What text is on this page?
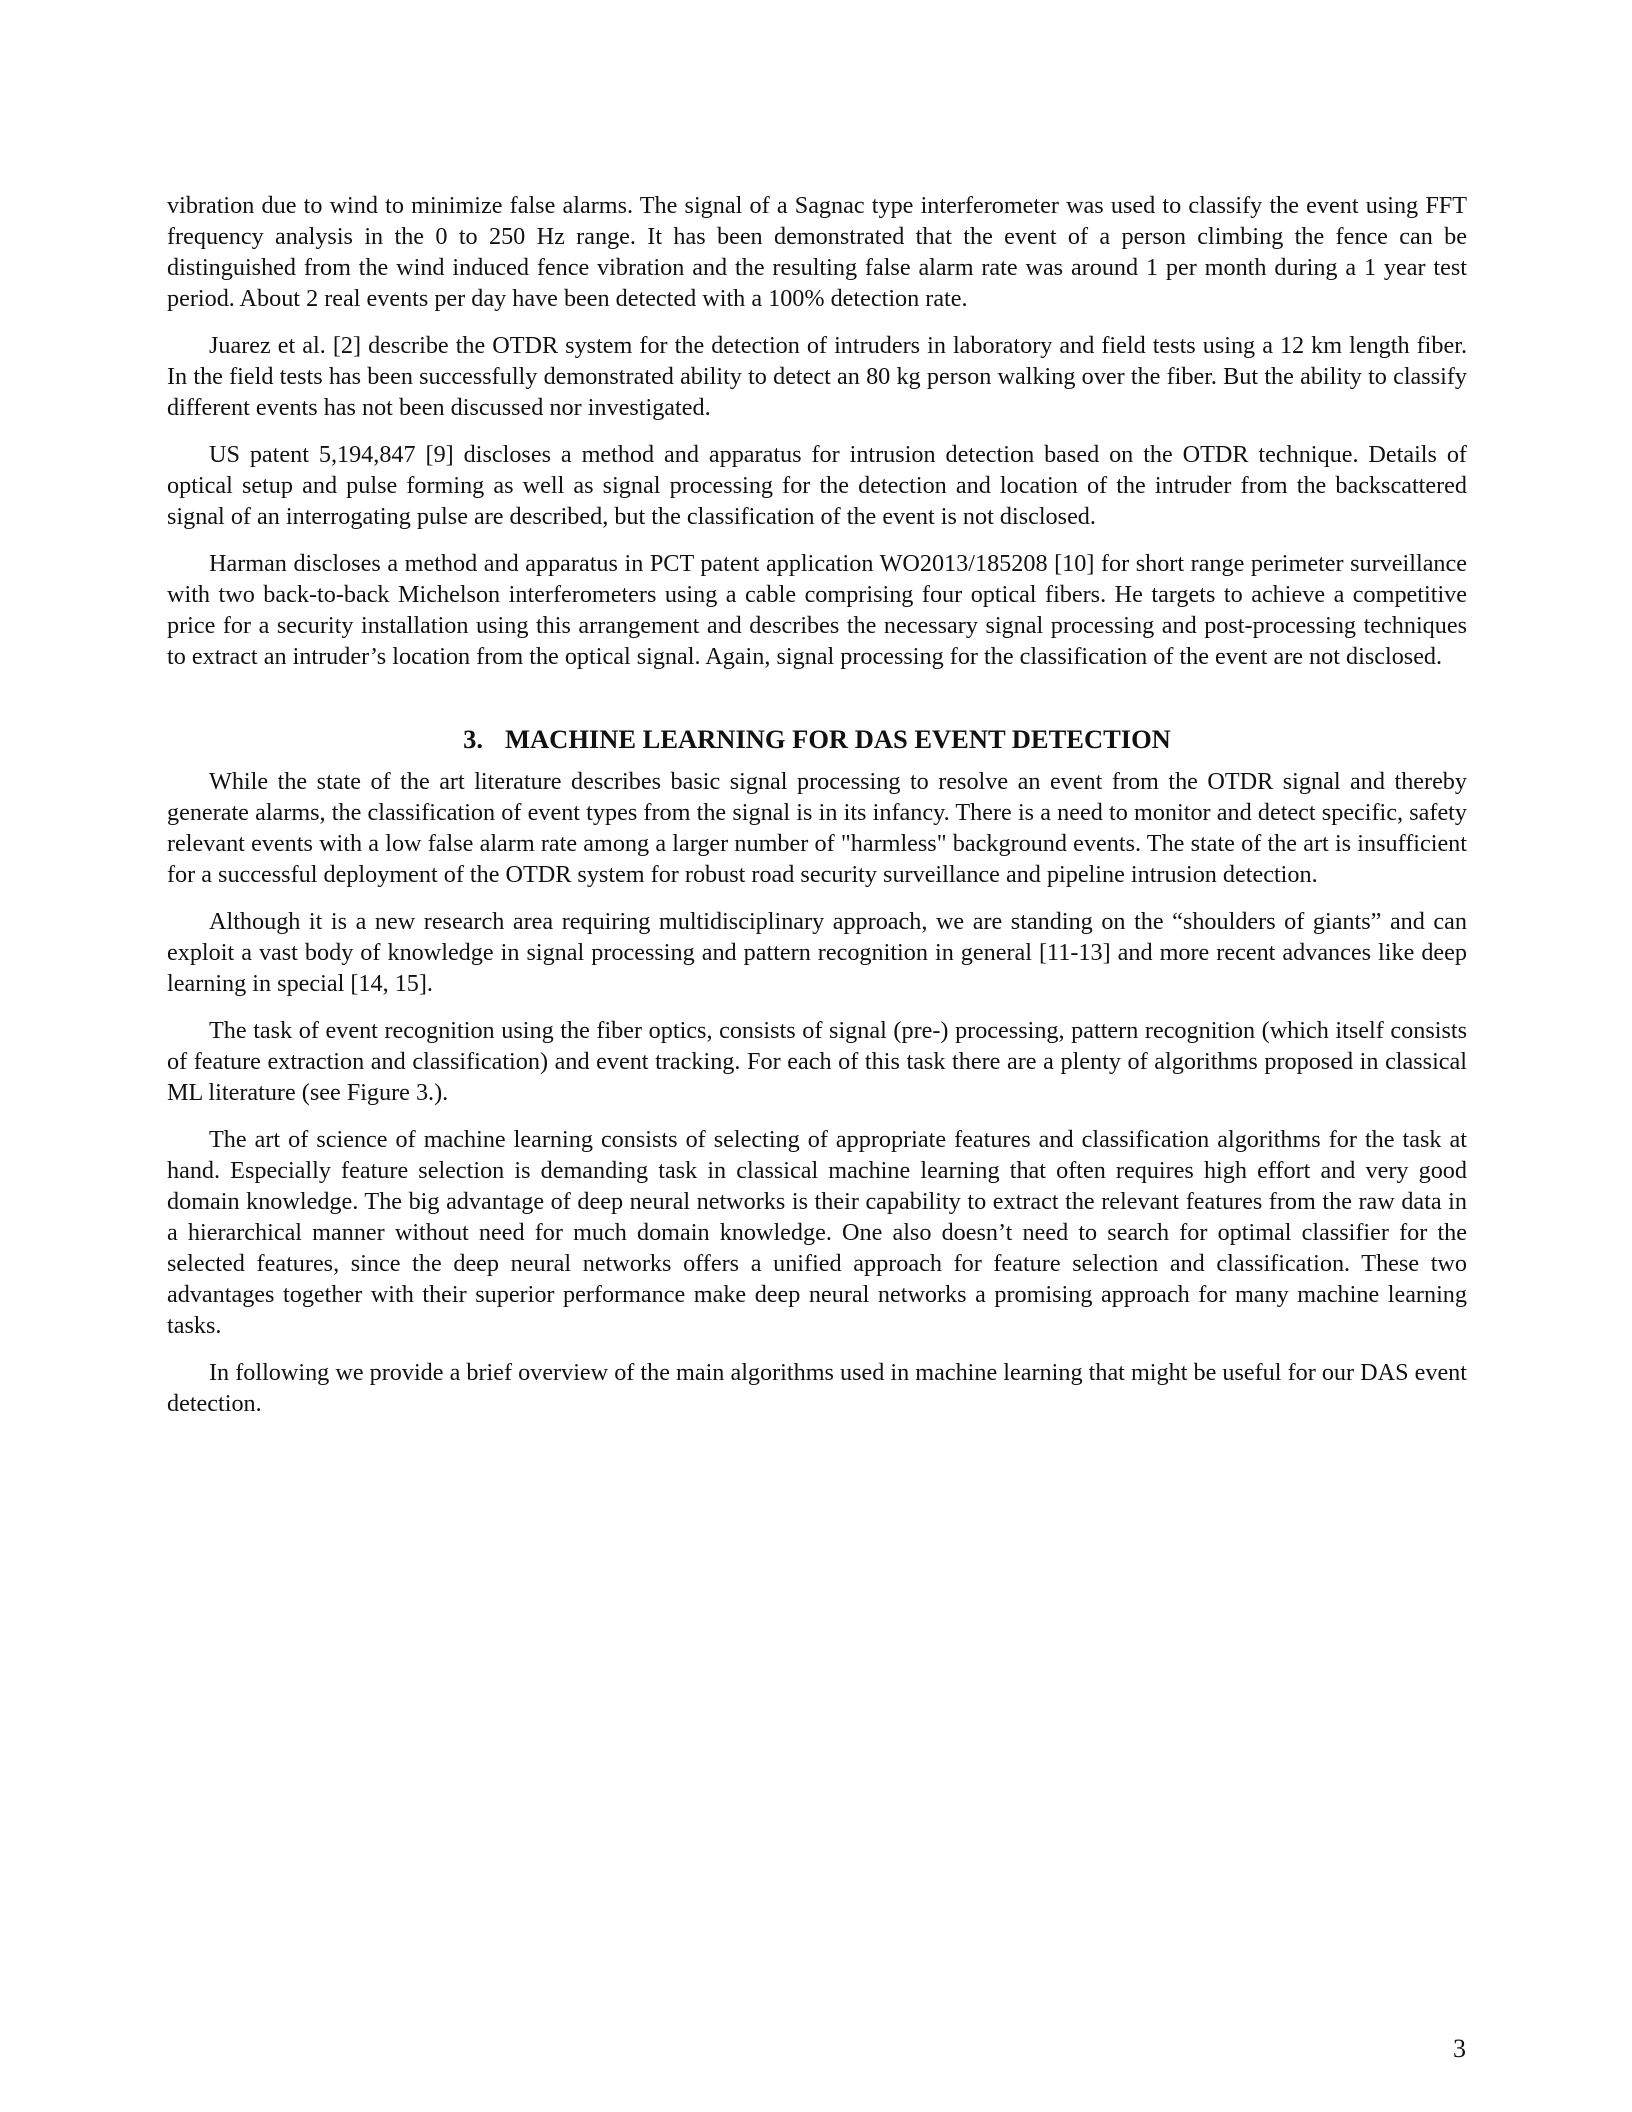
vibration due to wind to minimize false alarms. The signal of a Sagnac type interferometer was used to classify the event using FFT frequency analysis in the 0 to 250 Hz range. It has been demonstrated that the event of a person climbing the fence can be distinguished from the wind induced fence vibration and the resulting false alarm rate was around 1 per month during a 1 year test period. About 2 real events per day have been detected with a 100% detection rate.

Juarez et al. [2] describe the OTDR system for the detection of intruders in laboratory and field tests using a 12 km length fiber. In the field tests has been successfully demonstrated ability to detect an 80 kg person walking over the fiber. But the ability to classify different events has not been discussed nor investigated.

US patent 5,194,847 [9] discloses a method and apparatus for intrusion detection based on the OTDR technique. Details of optical setup and pulse forming as well as signal processing for the detection and location of the intruder from the backscattered signal of an interrogating pulse are described, but the classification of the event is not disclosed.

Harman discloses a method and apparatus in PCT patent application WO2013/185208 [10] for short range perimeter surveillance with two back-to-back Michelson interferometers using a cable comprising four optical fibers. He targets to achieve a competitive price for a security installation using this arrangement and describes the necessary signal processing and post-processing techniques to extract an intruder’s location from the optical signal. Again, signal processing for the classification of the event are not disclosed.

3. MACHINE LEARNING FOR DAS EVENT DETECTION

While the state of the art literature describes basic signal processing to resolve an event from the OTDR signal and thereby generate alarms, the classification of event types from the signal is in its infancy. There is a need to monitor and detect specific, safety relevant events with a low false alarm rate among a larger number of "harmless" background events. The state of the art is insufficient for a successful deployment of the OTDR system for robust road security surveillance and pipeline intrusion detection.

Although it is a new research area requiring multidisciplinary approach, we are standing on the “shoulders of giants” and can exploit a vast body of knowledge in signal processing and pattern recognition in general [11-13] and more recent advances like deep learning in special [14, 15].

The task of event recognition using the fiber optics, consists of signal (pre-) processing, pattern recognition (which itself consists of feature extraction and classification) and event tracking. For each of this task there are a plenty of algorithms proposed in classical ML literature (see Figure 3.).

The art of science of machine learning consists of selecting of appropriate features and classification algorithms for the task at hand. Especially feature selection is demanding task in classical machine learning that often requires high effort and very good domain knowledge. The big advantage of deep neural networks is their capability to extract the relevant features from the raw data in a hierarchical manner without need for much domain knowledge. One also doesn’t need to search for optimal classifier for the selected features, since the deep neural networks offers a unified approach for feature selection and classification. These two advantages together with their superior performance make deep neural networks a promising approach for many machine learning tasks.

In following we provide a brief overview of the main algorithms used in machine learning that might be useful for our DAS event detection.

3
